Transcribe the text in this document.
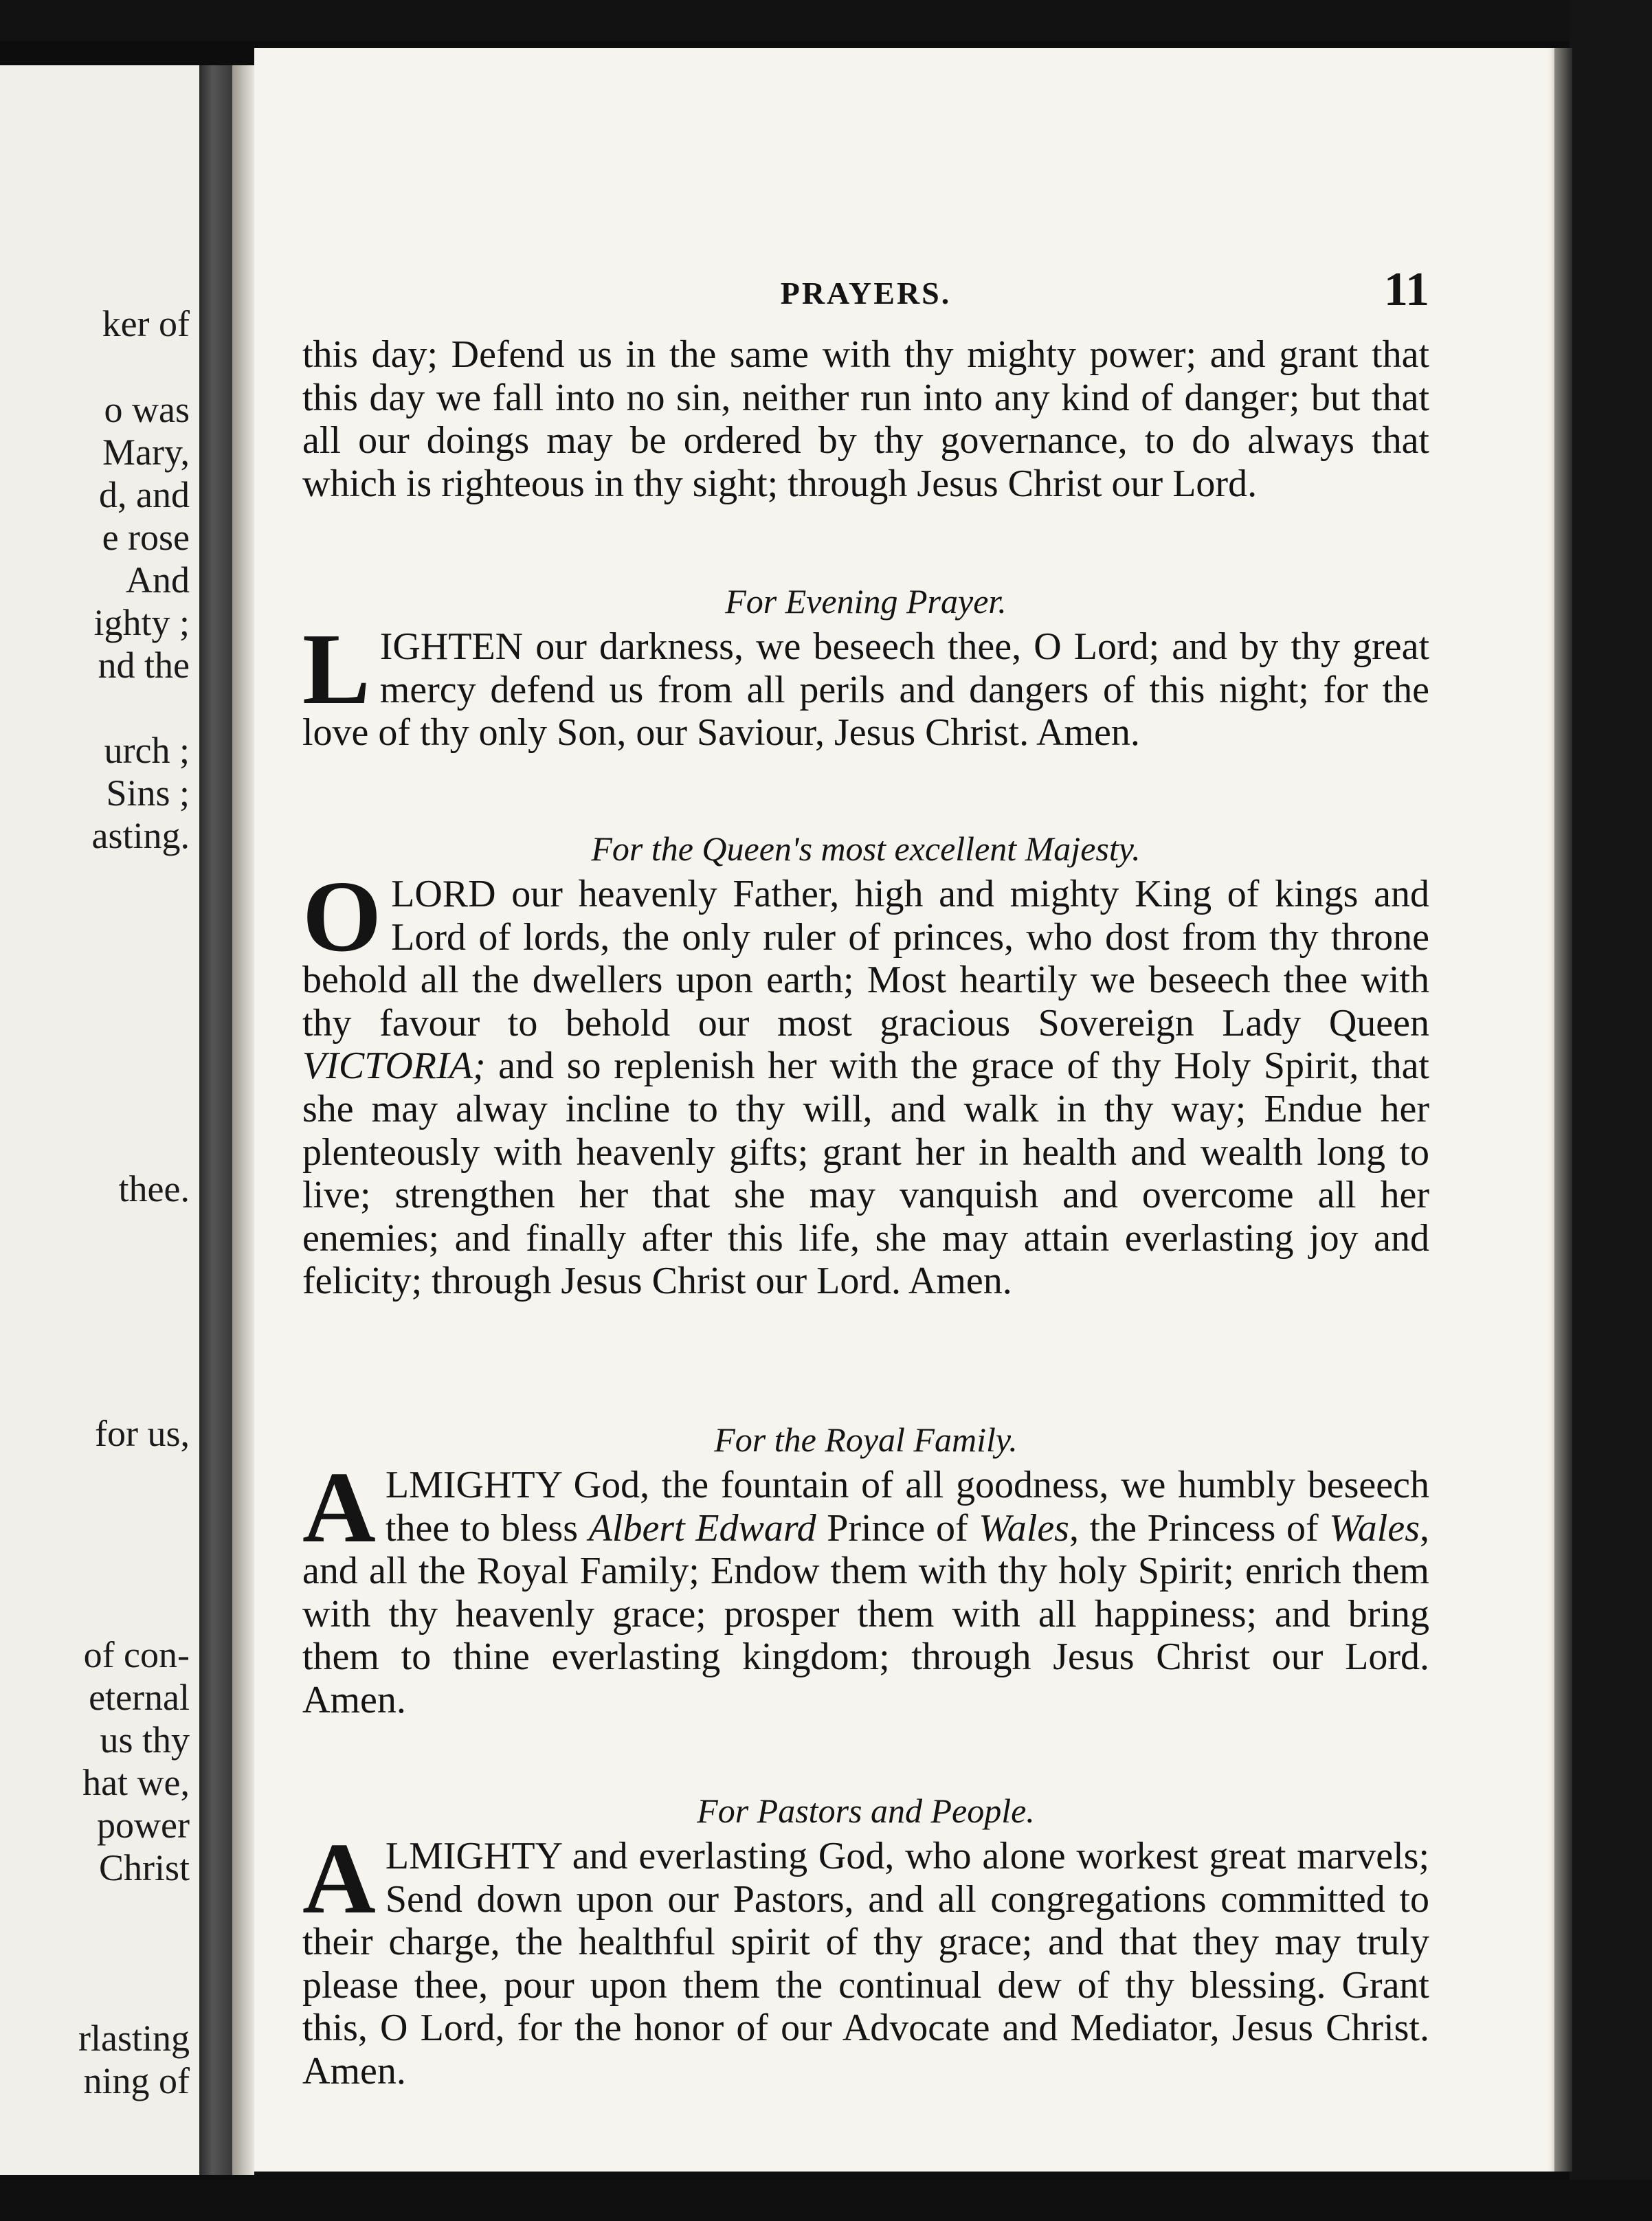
ker of
o was
Mary,
d, and
e rose
And
ighty ;
nd the
urch ;
Sins ;
asting.
thee.
for us,
of con-
eternal
us thy
hat we,
power
Christ
rlasting
ning of
PRAYERS.	11

this day; Defend us in the same with thy mighty power; and grant that this day we fall into no sin, neither run into any kind of danger; but that all our doings may be ordered by thy governance, to do always that which is righteous in thy sight; through Jesus Christ our Lord.

For Evening Prayer.

LIGHTEN our darkness, we beseech thee, O Lord; and by thy great mercy defend us from all perils and dangers of this night; for the love of thy only Son, our Saviour, Jesus Christ. Amen.

For the Queen's most excellent Majesty.

OLORD our heavenly Father, high and mighty King of kings and Lord of lords, the only ruler of princes, who dost from thy throne behold all the dwellers upon earth; Most heartily we beseech thee with thy favour to behold our most gracious Sovereign Lady Queen VICTORIA; and so replenish her with the grace of thy Holy Spirit, that she may alway incline to thy will, and walk in thy way; Endue her plenteously with heavenly gifts; grant her in health and wealth long to live; strengthen her that she may vanquish and overcome all her enemies; and finally after this life, she may attain everlasting joy and felicity; through Jesus Christ our Lord. Amen.

For the Royal Family.

ALMIGHTY God, the fountain of all goodness, we humbly beseech thee to bless Albert Edward Prince of Wales, the Princess of Wales, and all the Royal Family; Endow them with thy holy Spirit; enrich them with thy heavenly grace; prosper them with all happiness; and bring them to thine everlasting kingdom; through Jesus Christ our Lord. Amen.

For Pastors and People.

ALMIGHTY and everlasting God, who alone workest great marvels; Send down upon our Pastors, and all congregations committed to their charge, the healthful spirit of thy grace; and that they may truly please thee, pour upon them the continual dew of thy blessing. Grant this, O Lord, for the honor of our Advocate and Mediator, Jesus Christ. Amen.
